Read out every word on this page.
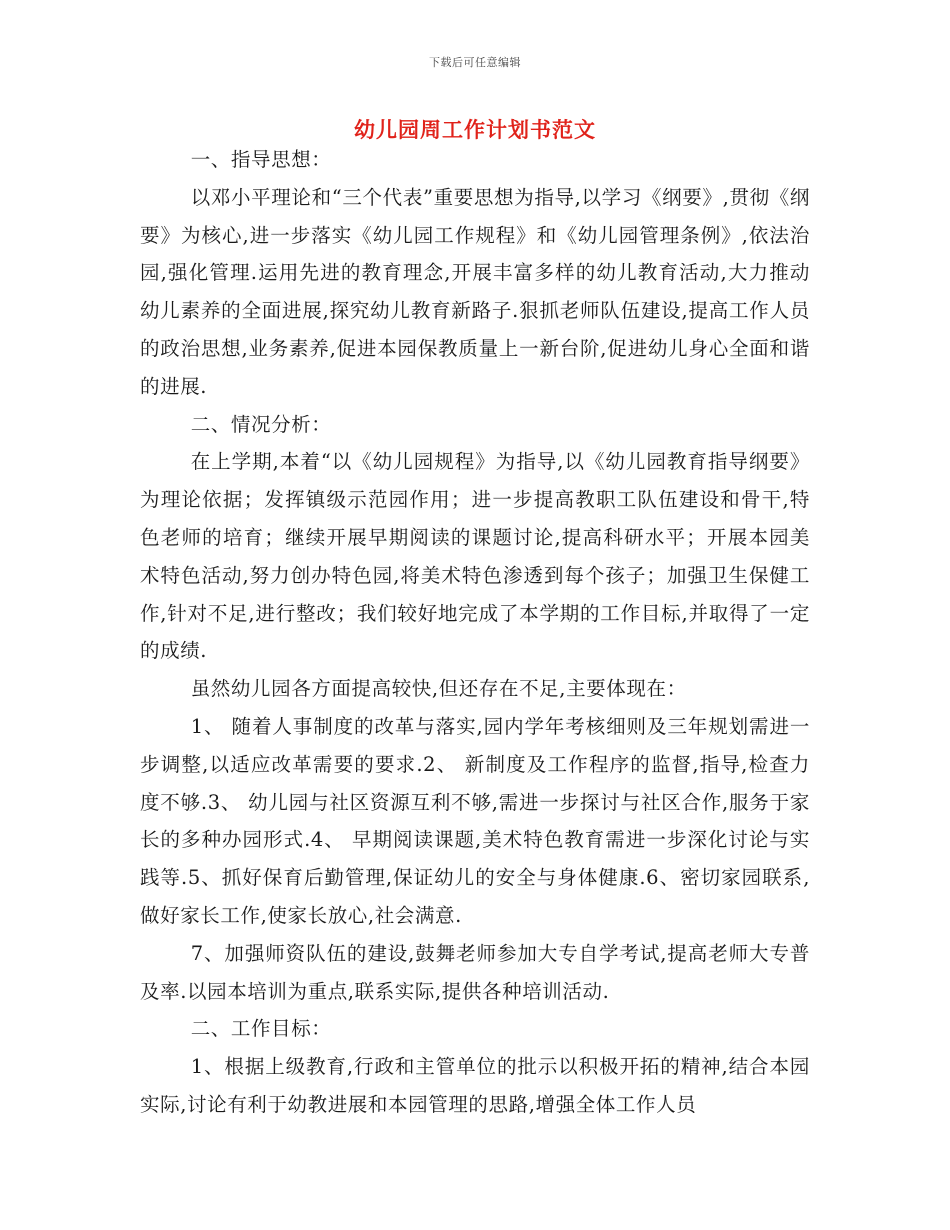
下载后可任意编辑
幼儿园周工作计划书范文

一、指导思想：

以邓小平理论和“三个代表”重要思想为指导,以学习《纲要》,贯彻《纲要》为核心,进一步落实《幼儿园工作规程》和《幼儿园管理条例》,依法治园,强化管理.运用先进的教育理念,开展丰富多样的幼儿教育活动,大力推动幼儿素养的全面进展,探究幼儿教育新路子.狠抓老师队伍建设,提高工作人员的政治思想,业务素养,促进本园保教质量上一新台阶,促进幼儿身心全面和谐的进展.

二、情况分析：

在上学期,本着“以《幼儿园规程》为指导,以《幼儿园教育指导纲要》为理论依据；发挥镇级示范园作用；进一步提高教职工队伍建设和骨干,特色老师的培育；继续开展早期阅读的课题讨论,提高科研水平；开展本园美术特色活动,努力创办特色园,将美术特色渗透到每个孩子；加强卫生保健工作,针对不足,进行整改；我们较好地完成了本学期的工作目标,并取得了一定的成绩.

虽然幼儿园各方面提高较快,但还存在不足,主要体现在：

1、 随着人事制度的改革与落实,园内学年考核细则及三年规划需进一步调整,以适应改革需要的要求.2、 新制度及工作程序的监督,指导,检查力度不够.3、 幼儿园与社区资源互利不够,需进一步探讨与社区合作,服务于家长的多种办园形式.4、 早期阅读课题,美术特色教育需进一步深化讨论与实践等.5、抓好保育后勤管理,保证幼儿的安全与身体健康.6、密切家园联系,做好家长工作,使家长放心,社会满意.

7、加强师资队伍的建设,鼓舞老师参加大专自学考试,提高老师大专普及率.以园本培训为重点,联系实际,提供各种培训活动.

二、工作目标：

1、根据上级教育,行政和主管单位的批示以积极开拓的精神,结合本园实际,讨论有利于幼教进展和本园管理的思路,增强全体工作人员
